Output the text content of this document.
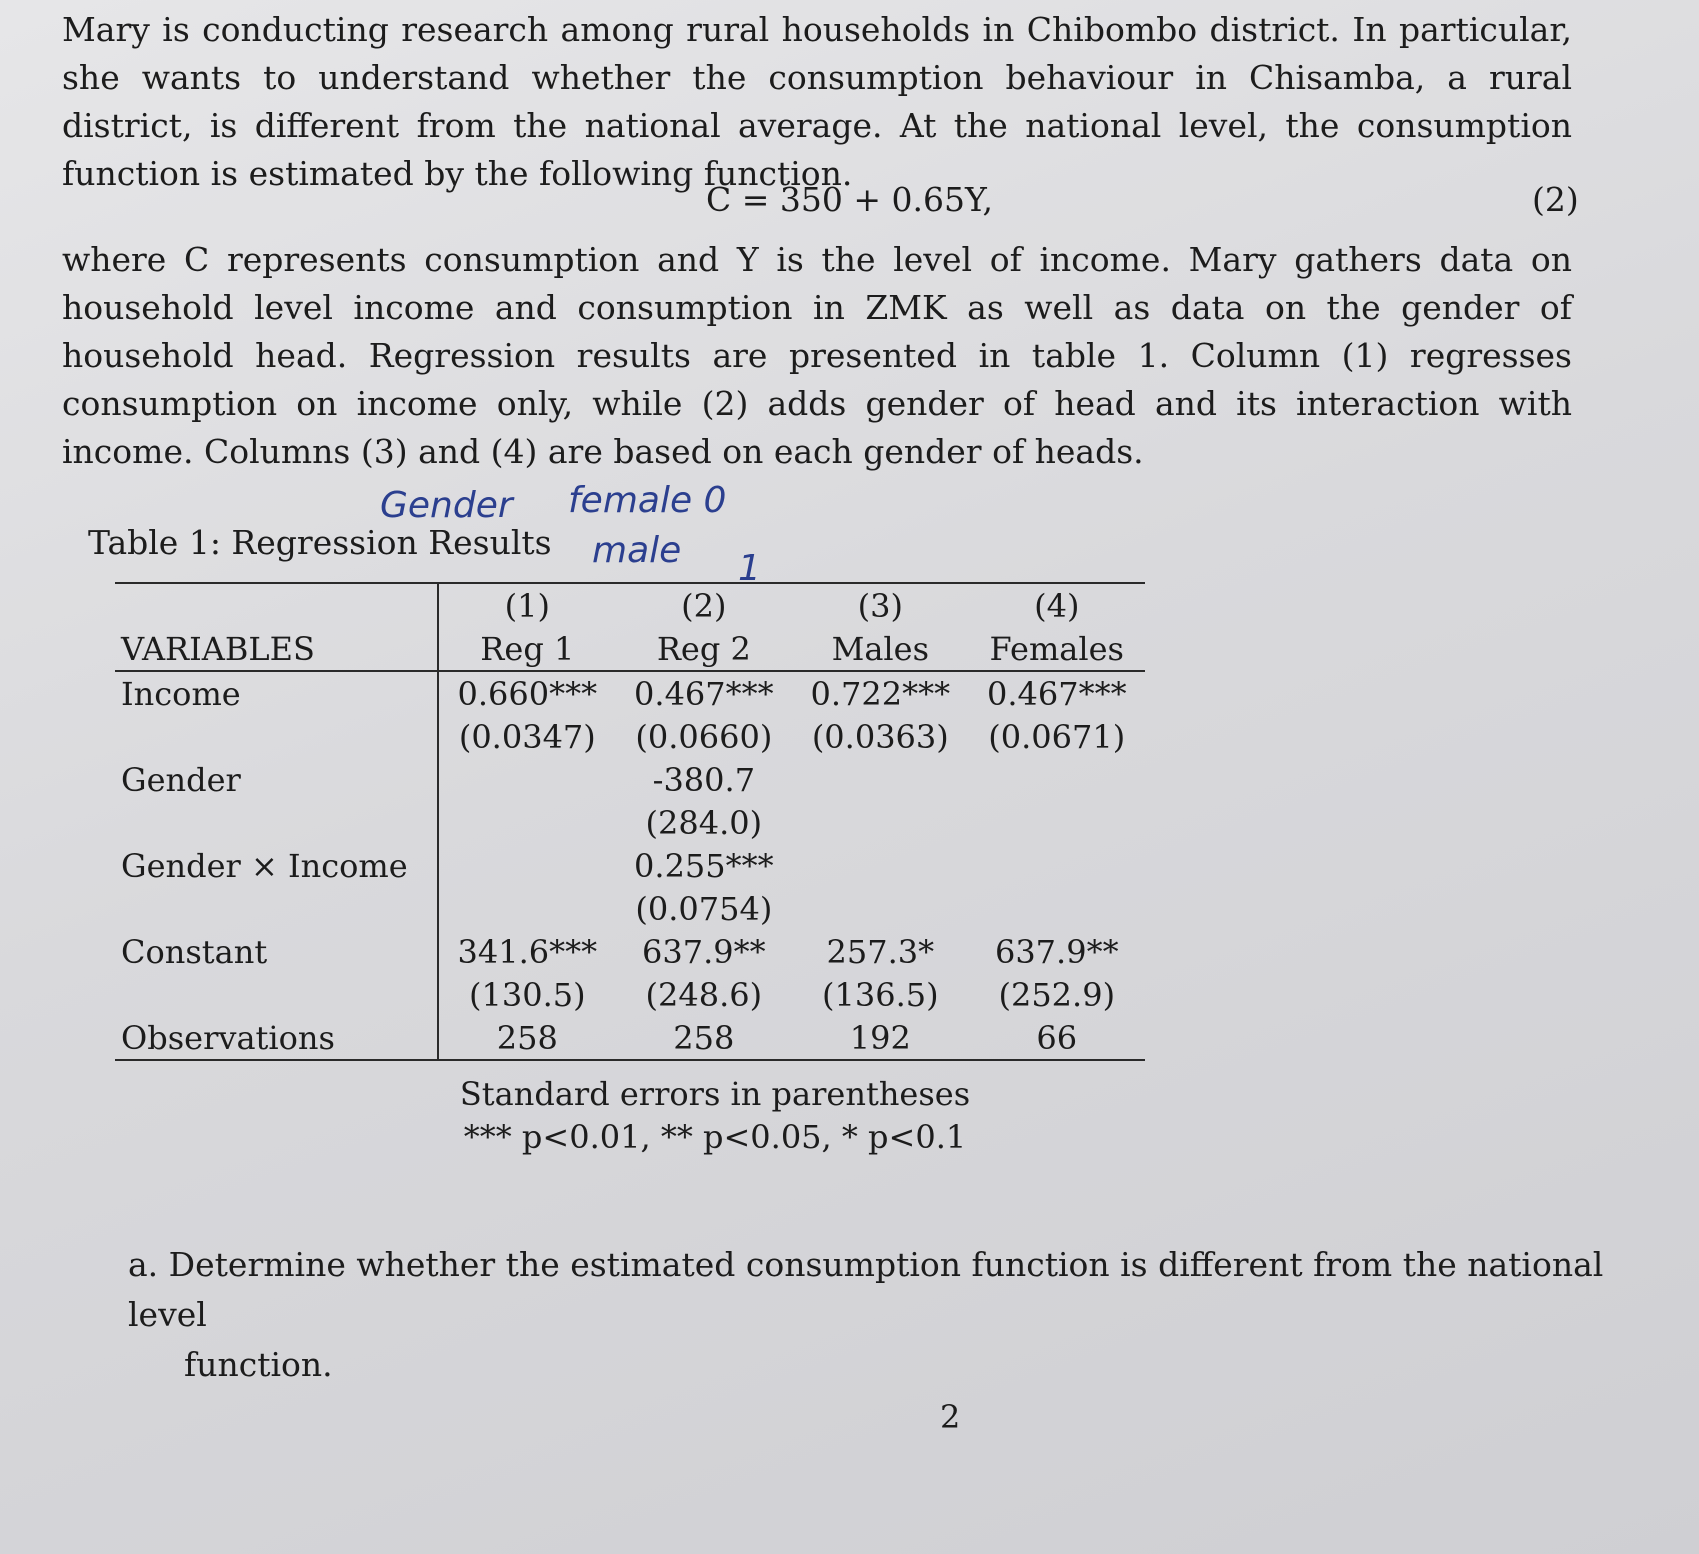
Mary is conducting research among rural households in Chibombo district. In particular, she wants to understand whether the consumption behaviour in Chisamba, a rural district, is different from the national average. At the national level, the consumption function is estimated by the following function.

C = 350 + 0.65Y,	(2)

where C represents consumption and Y is the level of income. Mary gathers data on household level income and consumption in ZMK as well as data on the gender of household head. Regression results are presented in table 1. Column (1) regresses consumption on income only, while (2) adds gender of head and its interaction with income. Columns (3) and (4) are based on each gender of heads.

Gender female 0
male 1
Table 1: Regression Results
	(1)	(2)	(3)	(4)
VARIABLES	Reg 1	Reg 2	Males	Females
Income	0.660***	0.467***	0.722***	0.467***
	(0.0347)	(0.0660)	(0.0363)	(0.0671)
Gender		-380.7		
		(284.0)		
Gender × Income		0.255***		
		(0.0754)		
Constant	341.6***	637.9**	257.3*	637.9**
	(130.5)	(248.6)	(136.5)	(252.9)
Observations	258	258	192	66
Standard errors in parentheses
*** p<0.01, ** p<0.05, * p<0.1

a. Determine whether the estimated consumption function is different from the national level
function.

2
